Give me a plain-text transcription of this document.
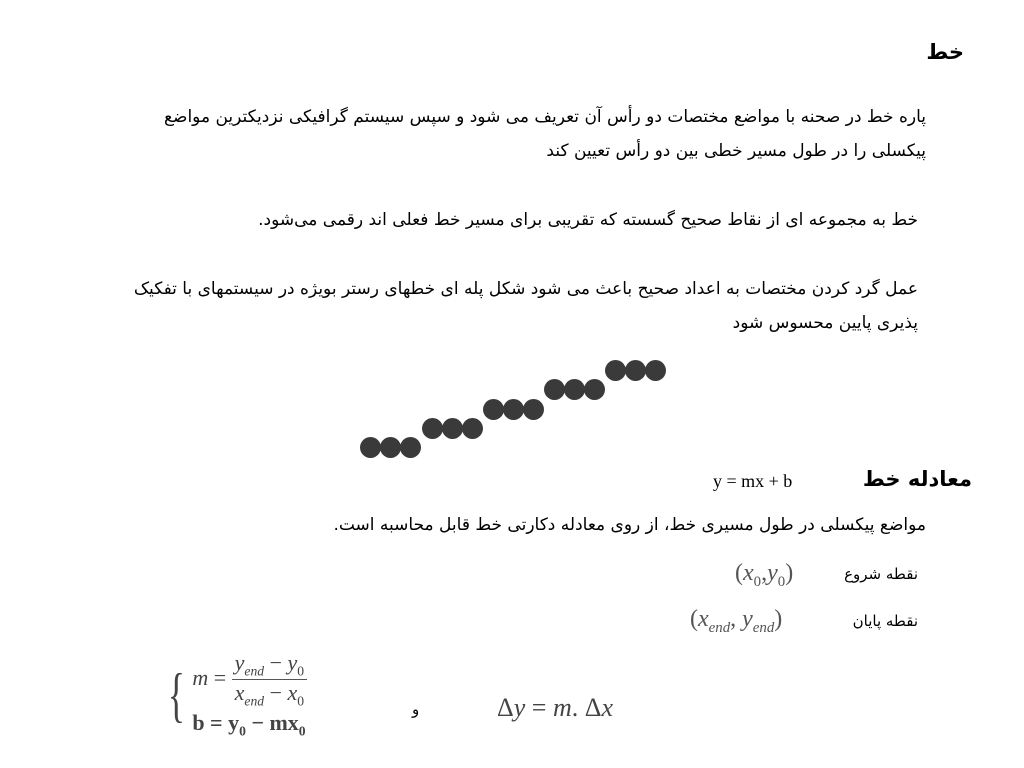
خط
پاره خط در صحنه با مواضع مختصات دو رأس آن تعریف می شود و سپس سیستم گرافیکی نزدیکترین مواضع پیکسلی را در طول مسیر خطی بین دو رأس تعیین کند
خط به مجموعه ای از نقاط صحیح گسسته که تقریبی برای مسیر خط فعلی اند رقمی می‌شود.
عمل گرد کردن مختصات به اعداد صحیح باعث می شود شکل پله ای خطهای رستر بویژه در سیستمهای با تفکیک پذیری پایین محسوس شود
معادله خط
y = mx + b
مواضع پیکسلی در طول مسیری خط، از روی معادله دکارتی خط قابل محاسبه است.
نقطه شروع
$(x_0,y_0)$
نقطه پایان
($x_{end}$, $y_{end}$)
{ $m = \frac{y_{end} - y_0}{x_{end} - x_0}$
$b = y_0 - mx_0$
و	Δy = m. Δx
